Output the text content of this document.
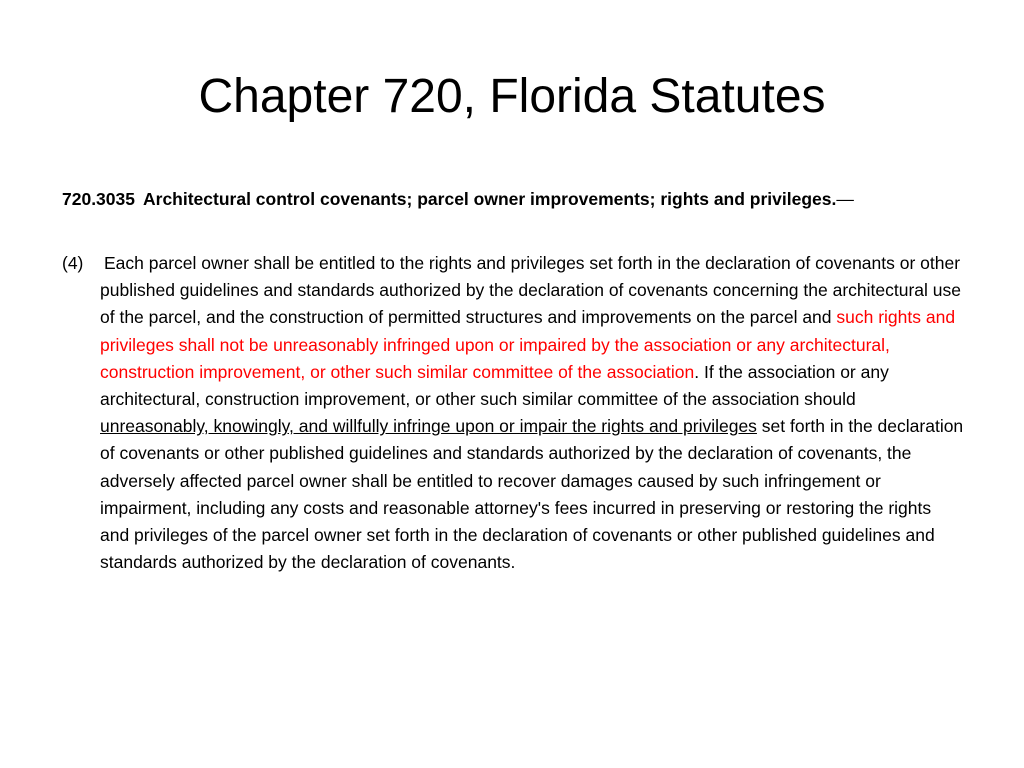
Chapter 720, Florida Statutes

720.3035 Architectural control covenants; parcel owner improvements; rights and privileges.—

(4) Each parcel owner shall be entitled to the rights and privileges set forth in the declaration of covenants or other published guidelines and standards authorized by the declaration of covenants concerning the architectural use of the parcel, and the construction of permitted structures and improvements on the parcel and such rights and privileges shall not be unreasonably infringed upon or impaired by the association or any architectural, construction improvement, or other such similar committee of the association. If the association or any architectural, construction improvement, or other such similar committee of the association should unreasonably, knowingly, and willfully infringe upon or impair the rights and privileges set forth in the declaration of covenants or other published guidelines and standards authorized by the declaration of covenants, the adversely affected parcel owner shall be entitled to recover damages caused by such infringement or impairment, including any costs and reasonable attorney's fees incurred in preserving or restoring the rights and privileges of the parcel owner set forth in the declaration of covenants or other published guidelines and standards authorized by the declaration of covenants.
